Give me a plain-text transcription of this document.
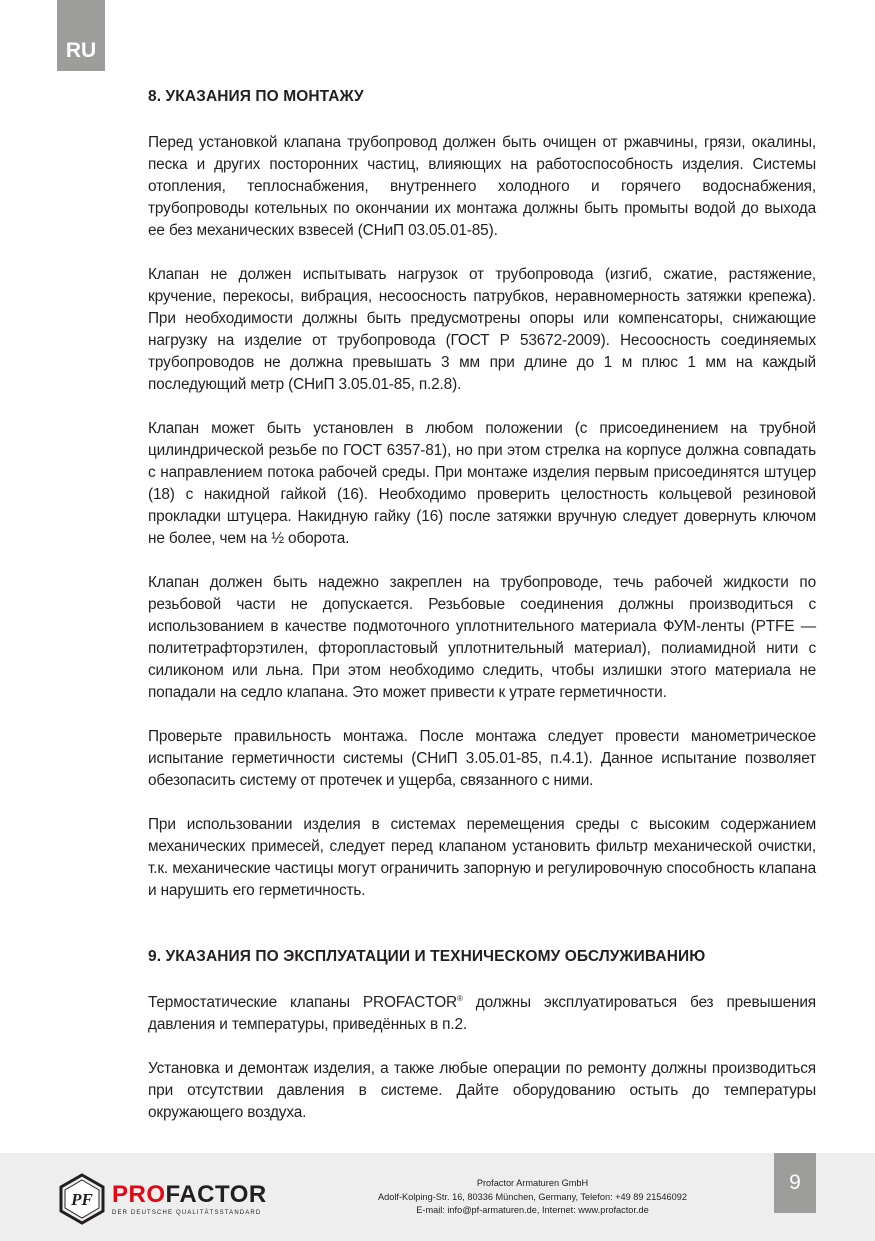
RU
8. УКАЗАНИЯ ПО МОНТАЖУ

Перед установкой клапана трубопровод должен быть очищен от ржавчины, грязи, окалины, песка и других посторонних частиц, влияющих на работоспособность изделия. Системы отопления, теплоснабжения, внутреннего холодного и горячего водоснабжения, трубопроводы котельных по окончании их монтажа должны быть промыты водой до выхода ее без механических взвесей (СНиП 03.05.01-85).

Клапан не должен испытывать нагрузок от трубопровода (изгиб, сжатие, растяжение, кручение, перекосы, вибрация, несоосность патрубков, неравномерность затяжки крепежа). При необходимости должны быть предусмотрены опоры или компенсаторы, снижающие нагрузку на изделие от трубопровода (ГОСТ Р 53672-2009). Несоосность соединяемых трубопроводов не должна превышать 3 мм при длине до 1 м плюс 1 мм на каждый последующий метр (СНиП 3.05.01-85, п.2.8).

Клапан может быть установлен в любом положении (с присоединением на трубной цилиндрической резьбе по ГОСТ 6357-81), но при этом стрелка на корпусе должна совпадать с направлением потока рабочей среды. При монтаже изделия первым присоединятся штуцер (18) с накидной гайкой (16). Необходимо проверить целостность кольцевой резиновой прокладки штуцера. Накидную гайку (16) после затяжки вручную следует довернуть ключом не более, чем на ½ оборота.

Клапан должен быть надежно закреплен на трубопроводе, течь рабочей жидкости по резьбовой части не допускается. Резьбовые соединения должны производиться с использованием в качестве подмоточного уплотнительного материала ФУМ-ленты (PTFE — политетрафторэтилен, фторопластовый уплотнительный материал), полиамидной нити с силиконом или льна. При этом необходимо следить, чтобы излишки этого материала не попадали на седло клапана. Это может привести к утрате герметичности.

Проверьте правильность монтажа. После монтажа следует провести манометрическое испытание герметичности системы (СНиП 3.05.01-85, п.4.1). Данное испытание позволяет обезопасить систему от протечек и ущерба, связанного с ними.

При использовании изделия в системах перемещения среды с высоким содержанием механических примесей, следует перед клапаном установить фильтр механической очистки, т.к. механические частицы могут ограничить запорную и регулировочную способность клапана и нарушить его герметичность.

9. УКАЗАНИЯ ПО ЭКСПЛУАТАЦИИ И ТЕХНИЧЕСКОМУ ОБСЛУЖИВАНИЮ

Термостатические клапаны PROFACTOR® должны эксплуатироваться без превышения давления и температуры, приведённых в п.2.

Установка и демонтаж изделия, а также любые операции по ремонту должны производиться при отсутствии давления в системе. Дайте оборудованию остыть до температуры окружающего воздуха.

PF PROFACTOR
DER DEUTSCHE QUALITÄTSSTANDARD
Profactor Armaturen GmbH
Adolf-Kolping-Str. 16, 80336 München, Germany, Telefon: +49 89 21546092
E-mail: info@pf-armaturen.de, Internet: www.profactor.de
9
